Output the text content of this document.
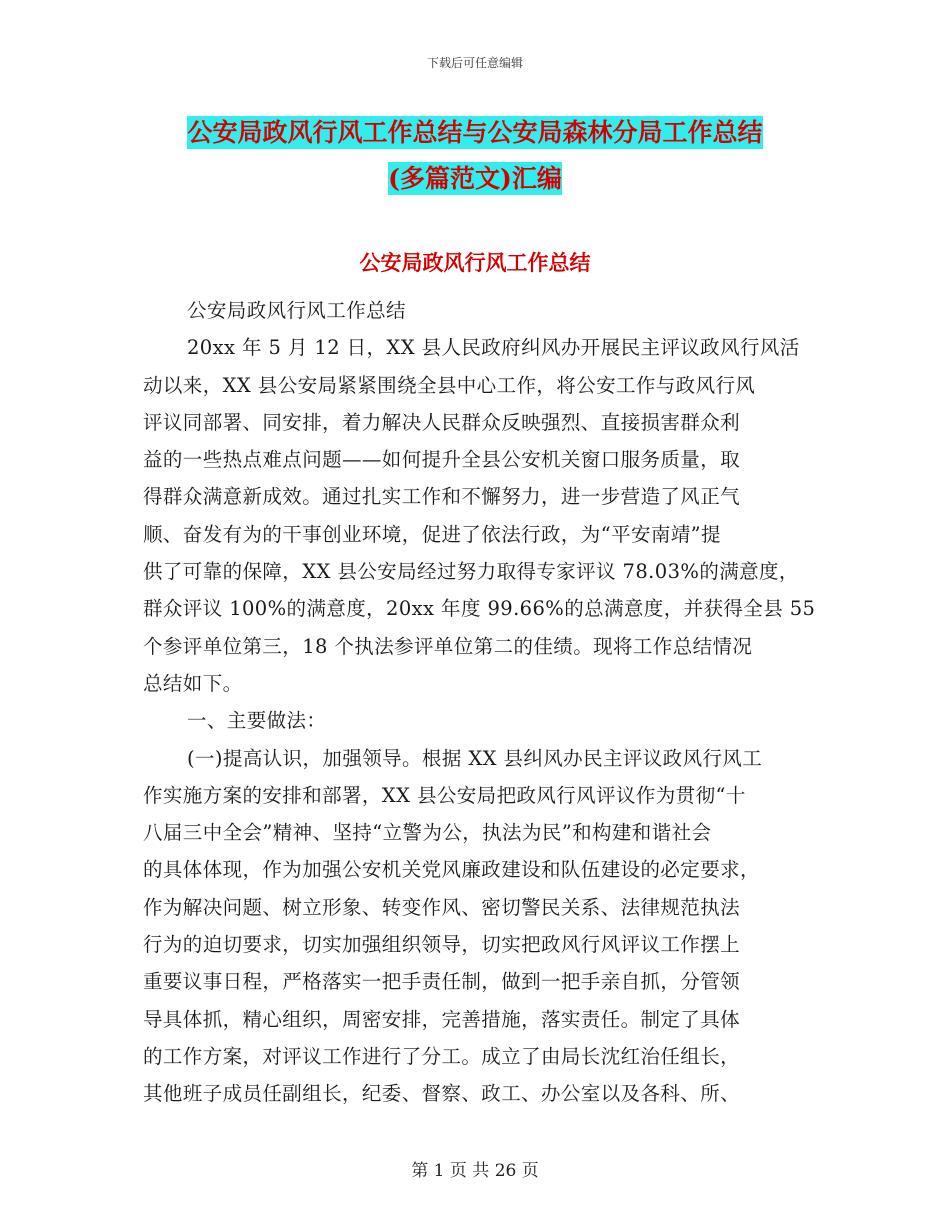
下载后可任意编辑
公安局政风行风工作总结与公安局森林分局工作总结
(多篇范文)汇编
公安局政风行风工作总结
公安局政风行风工作总结
20xx 年 5 月 12 日，XX 县人民政府纠风办开展民主评议政风行风活
动以来，XX 县公安局紧紧围绕全县中心工作，将公安工作与政风行风
评议同部署、同安排，着力解决人民群众反映强烈、直接损害群众利
益的一些热点难点问题——如何提升全县公安机关窗口服务质量，取
得群众满意新成效。通过扎实工作和不懈努力，进一步营造了风正气
顺、奋发有为的干事创业环境，促进了依法行政，为“平安南靖”提
供了可靠的保障，XX 县公安局经过努力取得专家评议 78.03%的满意度，
群众评议 100%的满意度，20xx 年度 99.66%的总满意度，并获得全县 55
个参评单位第三，18 个执法参评单位第二的佳绩。现将工作总结情况
总结如下。
一、主要做法：
(一)提高认识，加强领导。根据 XX 县纠风办民主评议政风行风工
作实施方案的安排和部署，XX 县公安局把政风行风评议作为贯彻“十
八届三中全会”精神、坚持“立警为公，执法为民”和构建和谐社会
的具体体现，作为加强公安机关党风廉政建设和队伍建设的必定要求，
作为解决问题、树立形象、转变作风、密切警民关系、法律规范执法
行为的迫切要求，切实加强组织领导，切实把政风行风评议工作摆上
重要议事日程，严格落实一把手责任制，做到一把手亲自抓，分管领
导具体抓，精心组织，周密安排，完善措施，落实责任。制定了具体
的工作方案，对评议工作进行了分工。成立了由局长沈红治任组长，
其他班子成员任副组长，纪委、督察、政工、办公室以及各科、所、
第 1 页 共 26 页
